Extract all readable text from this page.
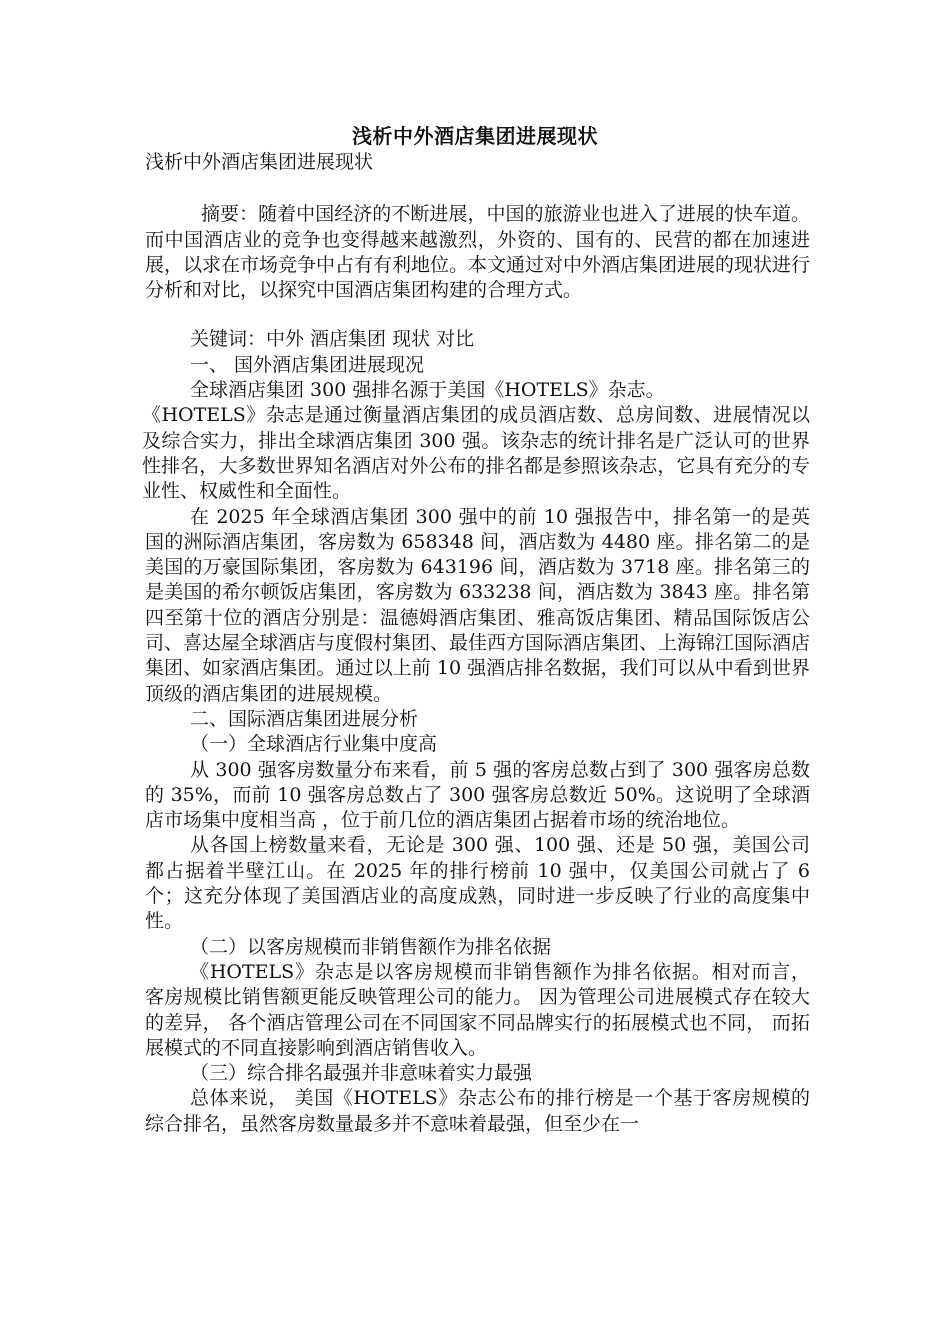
浅析中外酒店集团进展现状

浅析中外酒店集团进展现状

摘要：随着中国经济的不断进展，中国的旅游业也进入了进展的快车道。而中国酒店业的竞争也变得越来越激烈，外资的、国有的、民营的都在加速进展，以求在市场竞争中占有有利地位。本文通过对中外酒店集团进展的现状进行分析和对比，以探究中国酒店集团构建的合理方式。

关键词：中外 酒店集团 现状 对比

一、 国外酒店集团进展现况

全球酒店集团 300 强排名源于美国《HOTELS》杂志。

《HOTELS》杂志是通过衡量酒店集团的成员酒店数、总房间数、进展情况以及综合实力，排出全球酒店集团 300 强。该杂志的统计排名是广泛认可的世界性排名，大多数世界知名酒店对外公布的排名都是参照该杂志，它具有充分的专业性、权威性和全面性。

在 2025 年全球酒店集团 300 强中的前 10 强报告中，排名第一的是英国的洲际酒店集团，客房数为 658348 间，酒店数为 4480 座。排名第二的是美国的万豪国际集团，客房数为 643196 间，酒店数为 3718 座。排名第三的是美国的希尔顿饭店集团，客房数为 633238 间，酒店数为 3843 座。排名第四至第十位的酒店分别是：温德姆酒店集团、雅高饭店集团、精品国际饭店公司、喜达屋全球酒店与度假村集团、最佳西方国际酒店集团、上海锦江国际酒店集团、如家酒店集团。通过以上前 10 强酒店排名数据，我们可以从中看到世界顶级的酒店集团的进展规模。

二、国际酒店集团进展分析

（一）全球酒店行业集中度高

从 300 强客房数量分布来看，前 5 强的客房总数占到了 300 强客房总数的 35%，而前 10 强客房总数占了 300 强客房总数近 50%。这说明了全球酒店市场集中度相当高 ，位于前几位的酒店集团占据着市场的统治地位。

从各国上榜数量来看，无论是 300 强、100 强、还是 50 强，美国公司都占据着半壁江山。在 2025 年的排行榜前 10 强中，仅美国公司就占了 6 个；这充分体现了美国酒店业的高度成熟，同时进一步反映了行业的高度集中性。

（二）以客房规模而非销售额作为排名依据

《HOTELS》杂志是以客房规模而非销售额作为排名依据。相对而言， 客房规模比销售额更能反映管理公司的能力。 因为管理公司进展模式存在较大的差异， 各个酒店管理公司在不同国家不同品牌实行的拓展模式也不同， 而拓展模式的不同直接影响到酒店销售收入。

（三）综合排名最强并非意味着实力最强

总体来说， 美国《HOTELS》杂志公布的排行榜是一个基于客房规模的综合排名，虽然客房数量最多并不意味着最强，但至少在一
